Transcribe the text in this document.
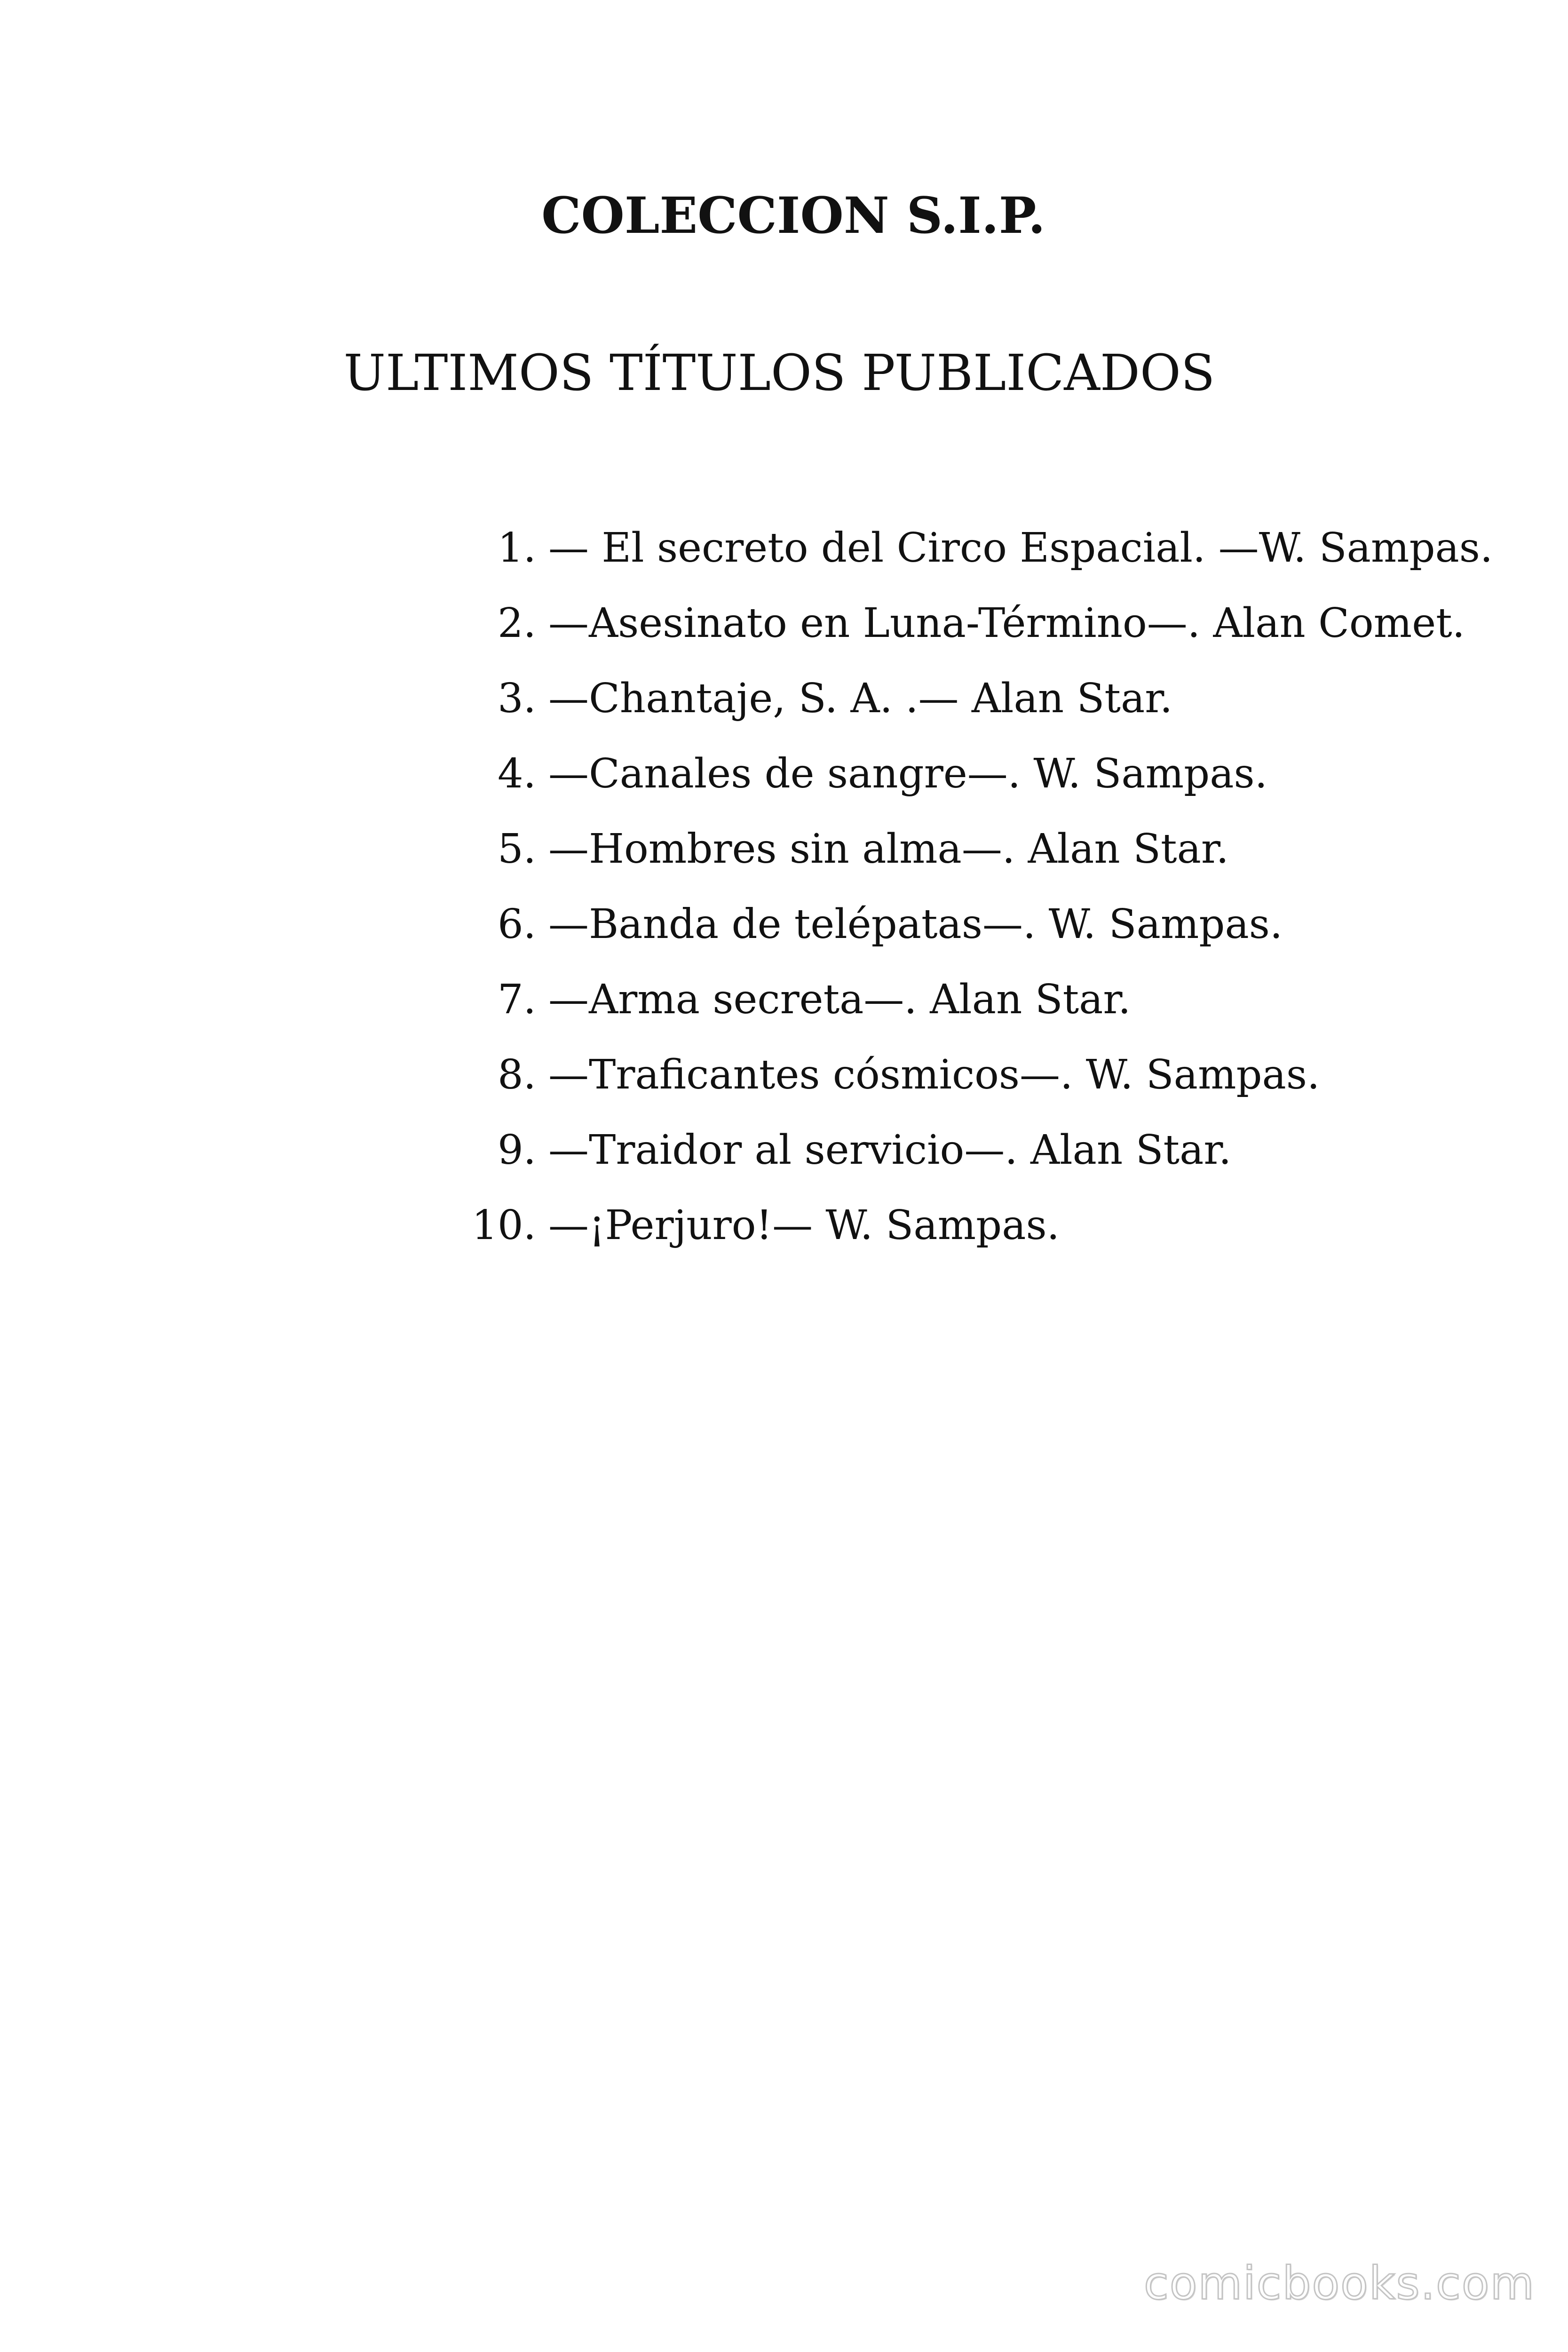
COLECCION S.I.P.
ULTIMOS TÍTULOS PUBLICADOS
1. — El secreto del Circo Espacial. —W. Sampas.
2. —Asesinato en Luna-Término—. Alan Comet.
3. —Chantaje, S. A. .— Alan Star.
4. —Canales de sangre—. W. Sampas.
5. —Hombres sin alma—. Alan Star.
6. —Banda de telépatas—. W. Sampas.
7. —Arma secreta—. Alan Star.
8. —Traficantes cósmicos—. W. Sampas.
9. —Traidor al servicio—. Alan Star.
10. —¡Perjuro!— W. Sampas.
comicbooks.com
